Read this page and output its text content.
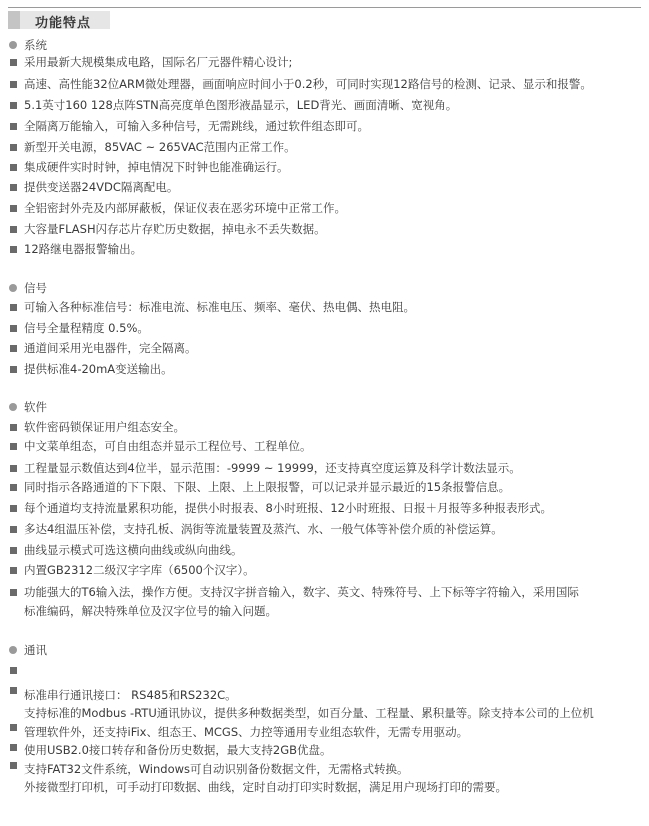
功能特点
系统
采用最新大规模集成电路，国际名厂元器件精心设计;
高速、高性能32位ARM微处理器，画面响应时间小于0.2秒，可同时实现12路信号的检测、记录、显示和报警。
5.1英寸160 128点阵STN高亮度单色图形液晶显示，LED背光、画面清晰、宽视角。
全隔离万能输入，可输入多种信号，无需跳线，通过软件组态即可。
新型开关电源，85VAC ~ 265VAC范围内正常工作。
集成硬件实时时钟，掉电情况下时钟也能准确运行。
提供变送器24VDC隔离配电。
全铝密封外壳及内部屏蔽板，保证仪表在恶劣环境中正常工作。
大容量FLASH闪存芯片存贮历史数据，掉电永不丢失数据。
12路继电器报警输出。
信号
可输入各种标准信号：标准电流、标准电压、频率、毫伏、热电偶、热电阻。
信号全量程精度 0.5%。
通道间采用光电器件，完全隔离。
提供标准4-20mA变送输出。
软件
软件密码锁保证用户组态安全。
中文菜单组态，可自由组态并显示工程位号、工程单位。
工程量显示数值达到4位半，显示范围：-9999 ~ 19999，还支持真空度运算及科学计数法显示。
同时指示各路通道的下下限、下限、上限、上上限报警，可以记录并显示最近的15条报警信息。
每个通道均支持流量累积功能，提供小时报表、8小时班报、12小时班报、日报＋月报等多种报表形式。
多达4组温压补偿，支持孔板、涡街等流量装置及蒸汽、水、一般气体等补偿介质的补偿运算。
曲线显示模式可选这横向曲线或纵向曲线。
内置GB2312二级汉字字库（6500个汉字）。
功能强大的T6输入法，操作方便。支持汉字拼音输入，数字、英文、特殊符号、上下标等字符输入，采用国际
标准编码，解决特殊单位及汉字位号的输入问题。
通讯
标准串行通讯接口： RS485和RS232C。
支持标准的Modbus -RTU通讯协议，提供多种数据类型，如百分量、工程量、累积量等。除支持本公司的上位机
管理软件外，还支持iFix、组态王、MCGS、力控等通用专业组态软件，无需专用驱动。
使用USB2.0接口转存和备份历史数据，最大支持2GB优盘。
支持FAT32文件系统，Windows可自动识别备份数据文件，无需格式转换。
外接微型打印机，可手动打印数据、曲线，定时自动打印实时数据，满足用户现场打印的需要。
